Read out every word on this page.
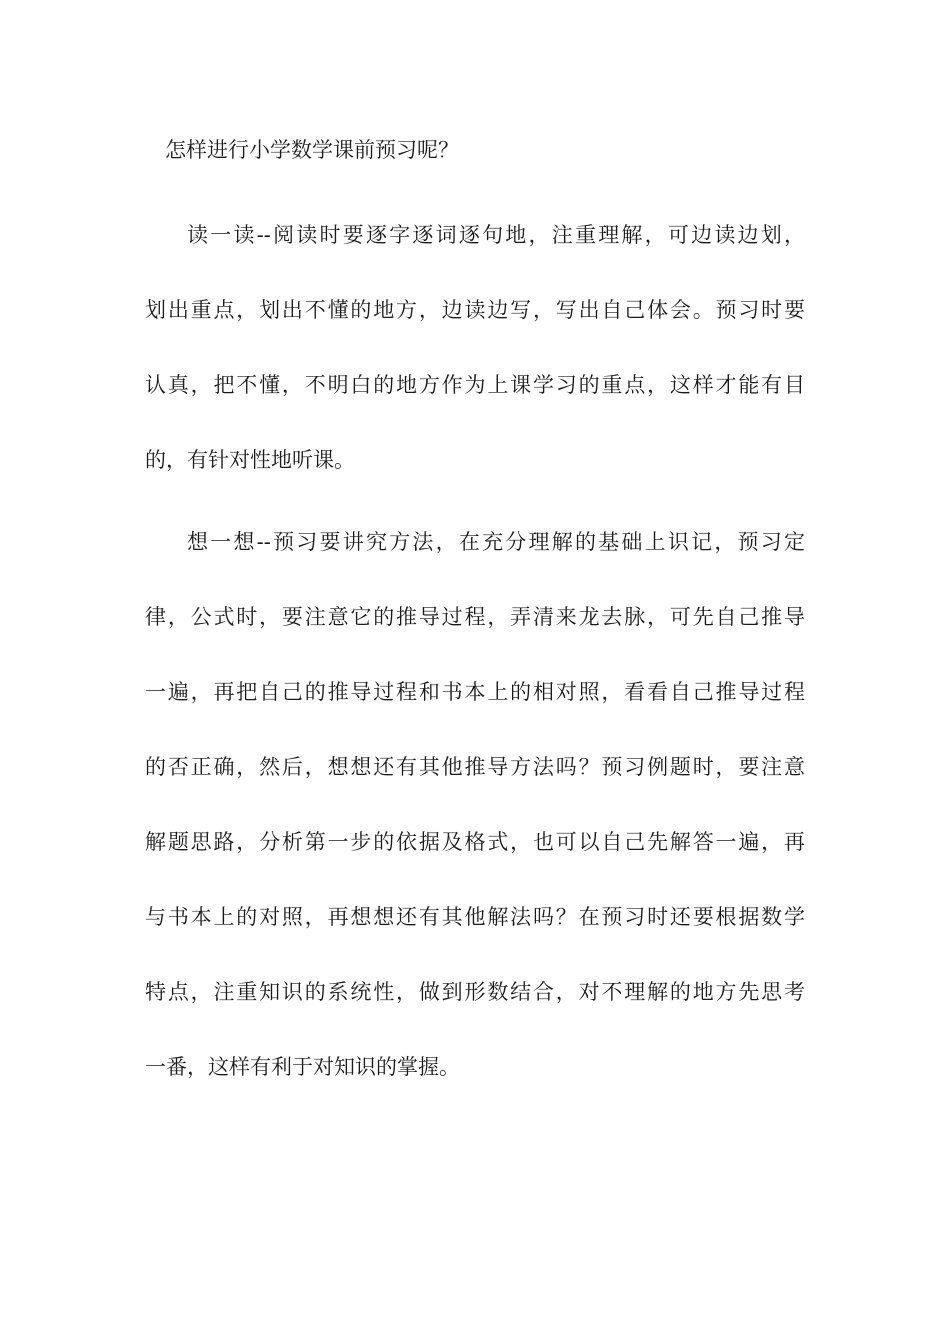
怎样进行小学数学课前预习呢？
读一读--阅读时要逐字逐词逐句地，注重理解，可边读边划，
划出重点，划出不懂的地方，边读边写，写出自己体会。预习时要
认真，把不懂，不明白的地方作为上课学习的重点，这样才能有目
的，有针对性地听课。
想一想--预习要讲究方法，在充分理解的基础上识记，预习定
律，公式时，要注意它的推导过程，弄清来龙去脉，可先自己推导
一遍，再把自己的推导过程和书本上的相对照，看看自己推导过程
的否正确，然后，想想还有其他推导方法吗？预习例题时，要注意
解题思路，分析第一步的依据及格式，也可以自己先解答一遍，再
与书本上的对照，再想想还有其他解法吗？在预习时还要根据数学
特点，注重知识的系统性，做到形数结合，对不理解的地方先思考
一番，这样有利于对知识的掌握。
